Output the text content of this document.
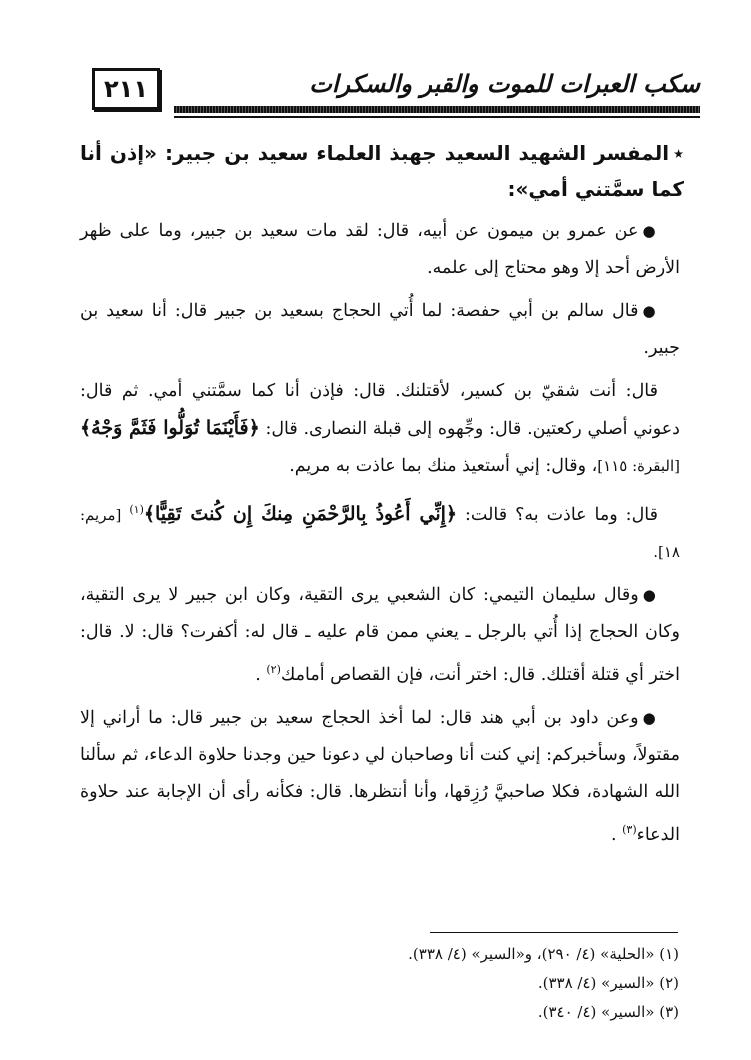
٢١١	سكب العبرات للموت والقبر والسكرات
٭المفسر الشهيد السعيد جهبذ العلماء سعيد بن جبير: «إذن أنا كما سمَّتني أمي»:
●عن عمرو بن ميمون عن أبيه، قال: لقد مات سعيد بن جبير، وما على ظهر الأرض أحد إلا وهو محتاج إلى علمه.
●قال سالم بن أبي حفصة: لما أُتي الحجاج بسعيد بن جبير قال: أنا سعيد بن جبير.
قال: أنت شقيّ بن كسير، لأقتلنك. قال: فإذن أنا كما سمَّتني أمي. ثم قال: دعوني أصلي ركعتين. قال: وجِّهوه إلى قبلة النصارى. قال: ﴿فَأَيْنَمَا تُوَلُّوا فَثَمَّ وَجْهُ﴾ [البقرة: ١١٥]، وقال: إني أستعيذ منك بما عاذت به مريم.
قال: وما عاذت به؟ قالت: ﴿إِنِّي أَعُوذُ بِالرَّحْمَنِ مِنكَ إِن كُنتَ تَقِيًّا﴾$^{(١)}$ [مريم: ١٨].
●وقال سليمان التيمي: كان الشعبي يرى التقية، وكان ابن جبير لا يرى التقية، وكان الحجاج إذا أُتي بالرجل ـ يعني ممن قام عليه ـ قال له: أكفرت؟ قال: لا. قال: اختر أي قتلة أقتلك. قال: اختر أنت، فإن القصاص أمامك$^{(٢)}$ .
●وعن داود بن أبي هند قال: لما أخذ الحجاج سعيد بن جبير قال: ما أراني إلا مقتولاً، وسأخبركم: إني كنت أنا وصاحبان لي دعونا حين وجدنا حلاوة الدعاء، ثم سألنا الله الشهادة، فكلا صاحبيَّ رُزِقها، وأنا أنتظرها. قال: فكأنه رأى أن الإجابة عند حلاوة الدعاء$^{(٣)}$ .

(١) «الحلية» (٤/ ٢٩٠)، و«السير» (٤/ ٣٣٨).

(٢) «السير» (٤/ ٣٣٨).

(٣) «السير» (٤/ ٣٤٠).
